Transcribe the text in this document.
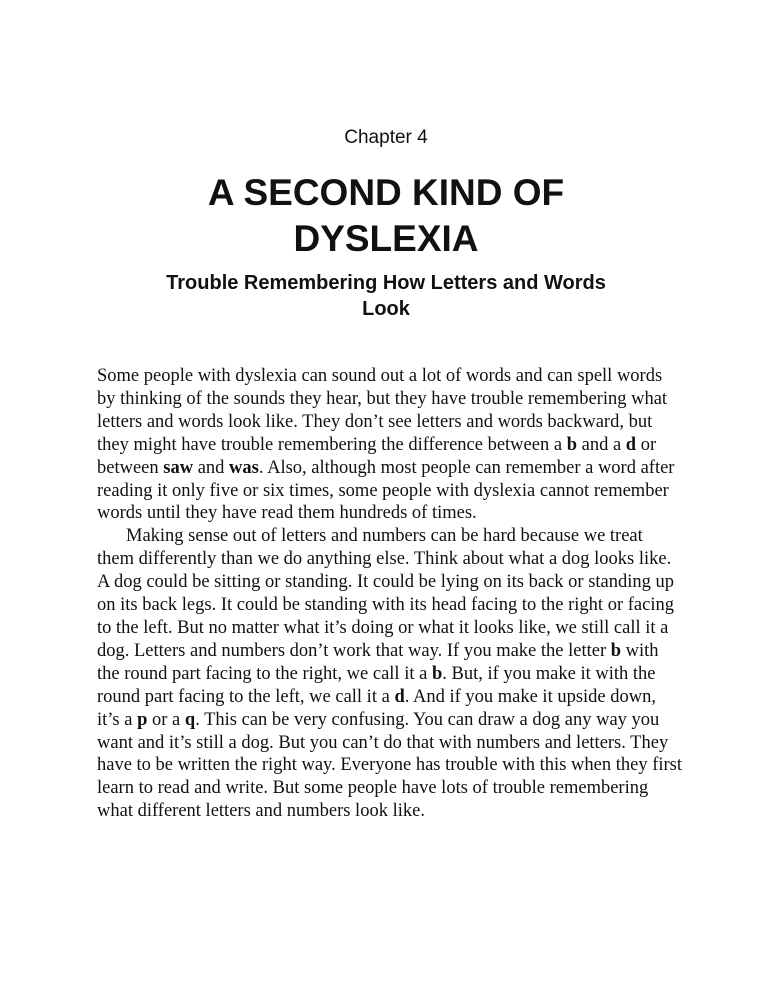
Chapter 4
A SECOND KIND OF DYSLEXIA
Trouble Remembering How Letters and Words Look

Some people with dyslexia can sound out a lot of words and can spell words by thinking of the sounds they hear, but they have trouble remembering what letters and words look like. They don’t see letters and words backward, but they might have trouble remembering the difference between a b and a d or between saw and was. Also, although most people can remember a word after reading it only five or six times, some people with dyslexia cannot remember words until they have read them hundreds of times.

Making sense out of letters and numbers can be hard because we treat them differently than we do anything else. Think about what a dog looks like. A dog could be sitting or standing. It could be lying on its back or standing up on its back legs. It could be standing with its head facing to the right or facing to the left. But no matter what it’s doing or what it looks like, we still call it a dog. Letters and numbers don’t work that way. If you make the letter b with the round part facing to the right, we call it a b. But, if you make it with the round part facing to the left, we call it a d. And if you make it upside down, it’s a p or a q. This can be very confusing. You can draw a dog any way you want and it’s still a dog. But you can’t do that with numbers and letters. They have to be written the right way. Everyone has trouble with this when they first learn to read and write. But some people have lots of trouble remembering what different letters and numbers look like.
